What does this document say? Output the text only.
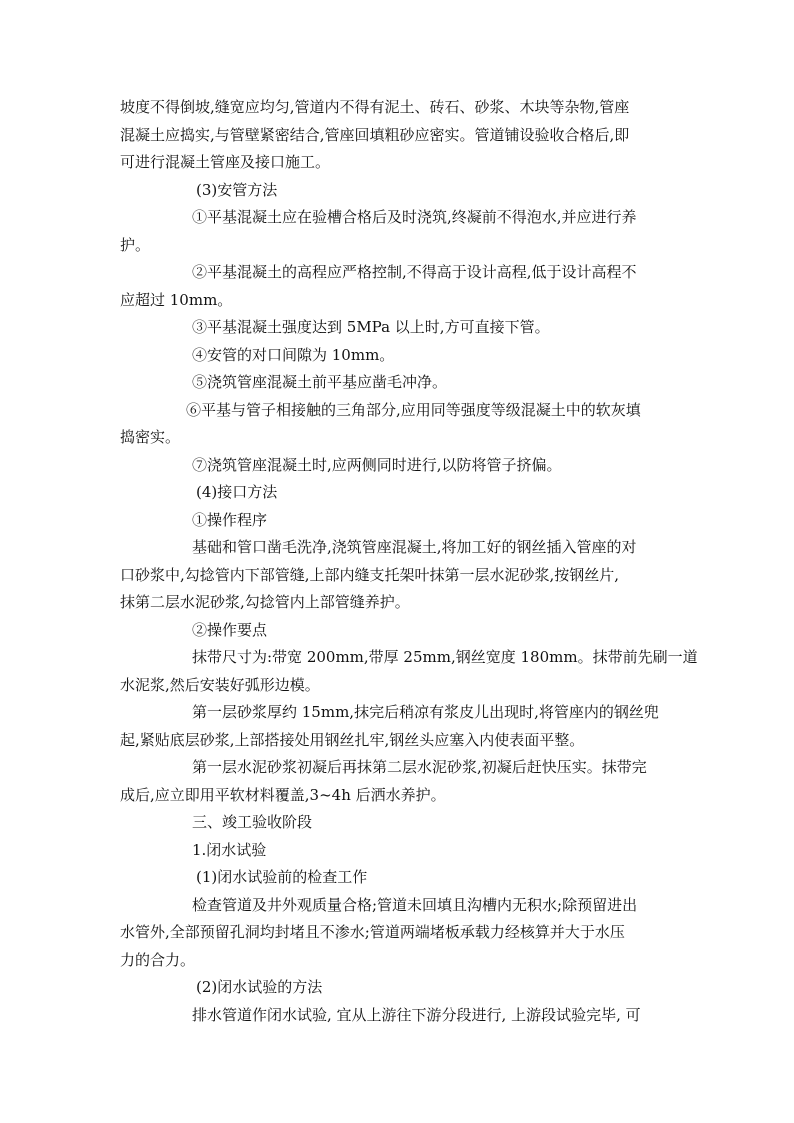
坡度不得倒坡,缝宽应均匀,管道内不得有泥土、砖石、砂浆、木块等杂物,管座
混凝土应捣实,与管壁紧密结合,管座回填粗砂应密实。管道铺设验收合格后,即
可进行混凝土管座及接口施工。
(3)安管方法
①平基混凝土应在验槽合格后及时浇筑,终凝前不得泡水,并应进行养
护。
②平基混凝土的高程应严格控制,不得高于设计高程,低于设计高程不
应超过 10mm。
③平基混凝土强度达到 5MPa 以上时,方可直接下管。
④安管的对口间隙为 10mm。
⑤浇筑管座混凝土前平基应凿毛冲净。
⑥平基与管子相接触的三角部分,应用同等强度等级混凝土中的软灰填
捣密实。
⑦浇筑管座混凝土时,应两侧同时进行,以防将管子挤偏。
(4)接口方法
①操作程序
基础和管口凿毛洗净,浇筑管座混凝土,将加工好的钢丝插入管座的对
口砂浆中,勾捻管内下部管缝,上部内缝支托架叶抹第一层水泥砂浆,按钢丝片,
抹第二层水泥砂浆,勾捻管内上部管缝养护。
②操作要点
抹带尺寸为:带宽 200mm,带厚 25mm,钢丝宽度 180mm。抹带前先刷一道
水泥浆,然后安装好弧形边模。
第一层砂浆厚约 15mm,抹完后稍凉有浆皮儿出现时,将管座内的钢丝兜
起,紧贴底层砂浆,上部搭接处用钢丝扎牢,钢丝头应塞入内使表面平整。
第一层水泥砂浆初凝后再抹第二层水泥砂浆,初凝后赶快压实。抹带完
成后,应立即用平软材料覆盖,3~4h 后洒水养护。
三、竣工验收阶段
1.闭水试验
(1)闭水试验前的检查工作
检查管道及井外观质量合格;管道未回填且沟槽内无积水;除预留进出
水管外,全部预留孔洞均封堵且不渗水;管道两端堵板承载力经核算并大于水压
力的合力。
(2)闭水试验的方法
排水管道作闭水试验, 宜从上游往下游分段进行, 上游段试验完毕, 可
